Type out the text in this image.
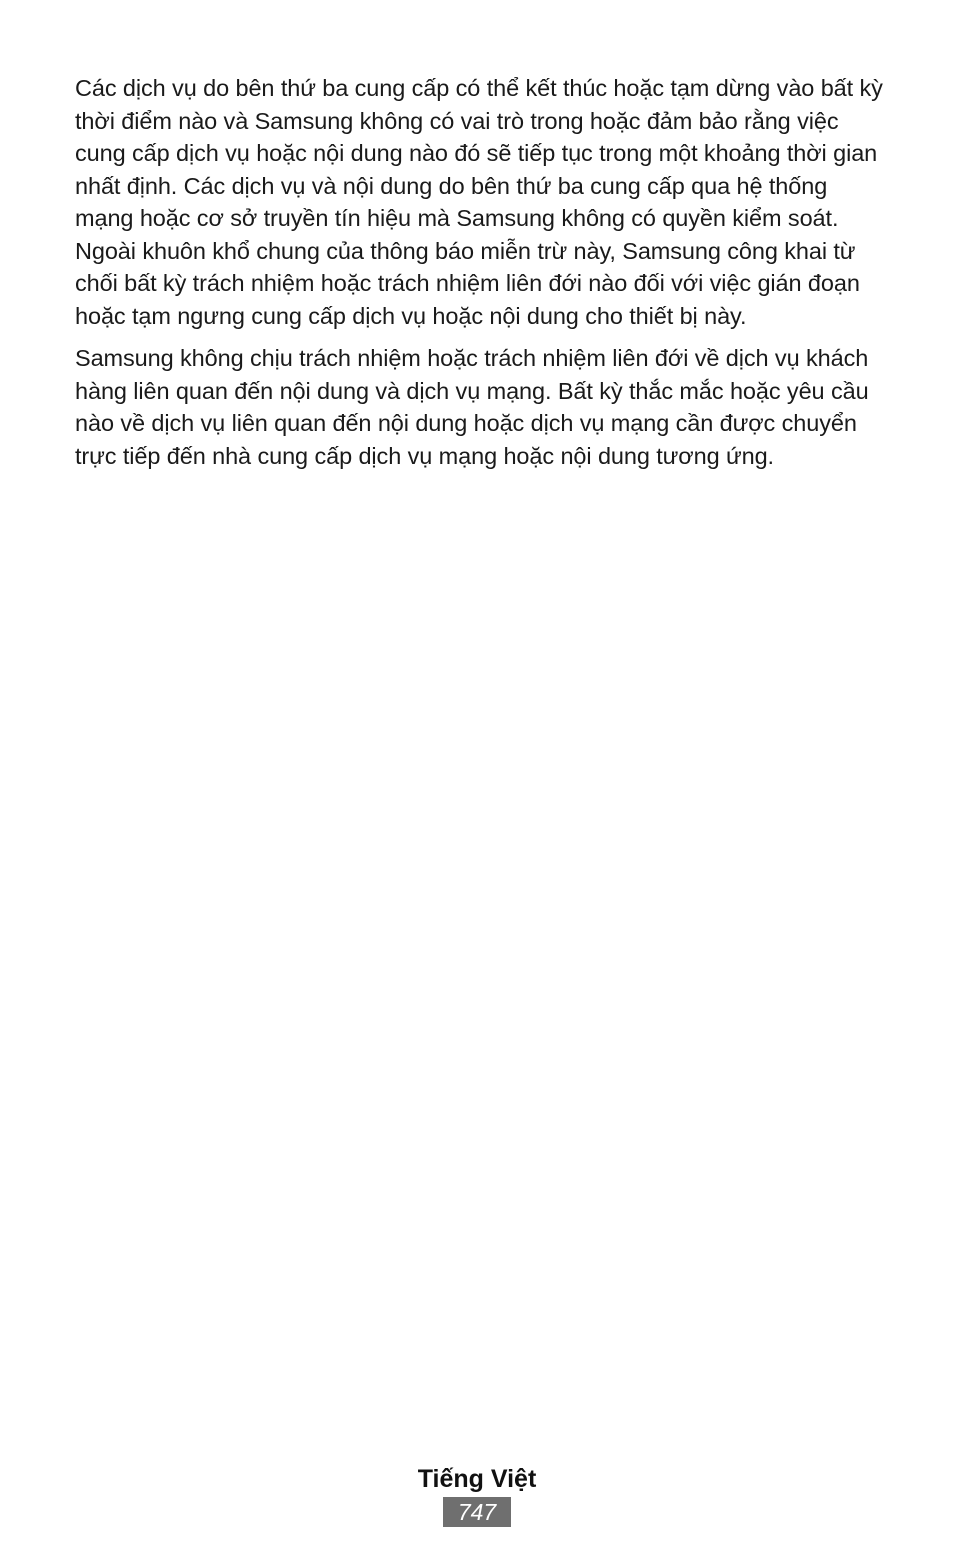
Các dịch vụ do bên thứ ba cung cấp có thể kết thúc hoặc tạm dừng vào bất kỳ thời điểm nào và Samsung không có vai trò trong hoặc đảm bảo rằng việc cung cấp dịch vụ hoặc nội dung nào đó sẽ tiếp tục trong một khoảng thời gian nhất định. Các dịch vụ và nội dung do bên thứ ba cung cấp qua hệ thống mạng hoặc cơ sở truyền tín hiệu mà Samsung không có quyền kiểm soát. Ngoài khuôn khổ chung của thông báo miễn trừ này, Samsung công khai từ chối bất kỳ trách nhiệm hoặc trách nhiệm liên đới nào đối với việc gián đoạn hoặc tạm ngưng cung cấp dịch vụ hoặc nội dung cho thiết bị này.

Samsung không chịu trách nhiệm hoặc trách nhiệm liên đới về dịch vụ khách hàng liên quan đến nội dung và dịch vụ mạng. Bất kỳ thắc mắc hoặc yêu cầu nào về dịch vụ liên quan đến nội dung hoặc dịch vụ mạng cần được chuyển trực tiếp đến nhà cung cấp dịch vụ mạng hoặc nội dung tương ứng.

Tiếng Việt
747
